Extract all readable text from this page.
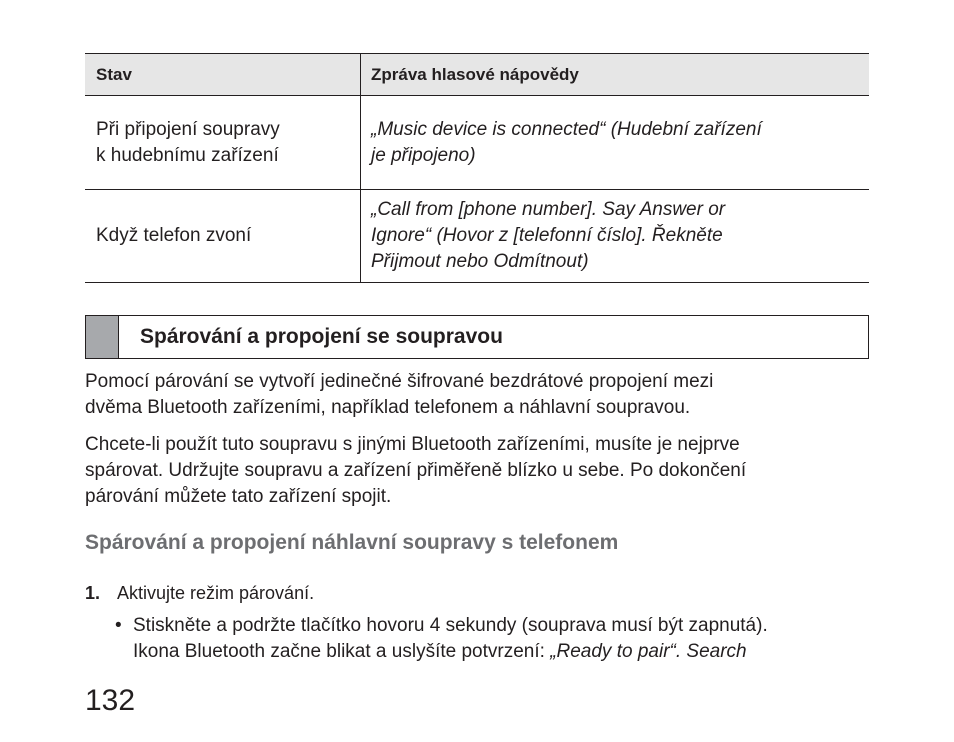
Stav	Zpráva hlasové nápovědy

Při připojení soupravy
k hudebnímu zařízení	„Music device is connected“ (Hudební zařízení
je připojeno)

Když telefon zvoní	„Call from [phone number]. Say Answer or
Ignore“ (Hovor z [telefonní číslo]. Řekněte
Přijmout nebo Odmítnout)
Spárování a propojení se soupravou
Pomocí párování se vytvoří jedinečné šifrované bezdrátové propojení mezi
dvěma Bluetooth zařízeními, například telefonem a náhlavní soupravou.
Chcete-li použít tuto soupravu s jinými Bluetooth zařízeními, musíte je nejprve
spárovat. Udržujte soupravu a zařízení přiměřeně blízko u sebe. Po dokončení
párování můžete tato zařízení spojit.
Spárování a propojení náhlavní soupravy s telefonem
1. Aktivujte režim párování.
• Stiskněte a podržte tlačítko hovoru 4 sekundy (souprava musí být zapnutá).
Ikona Bluetooth začne blikat a uslyšíte potvrzení: „Ready to pair“. Search
132
